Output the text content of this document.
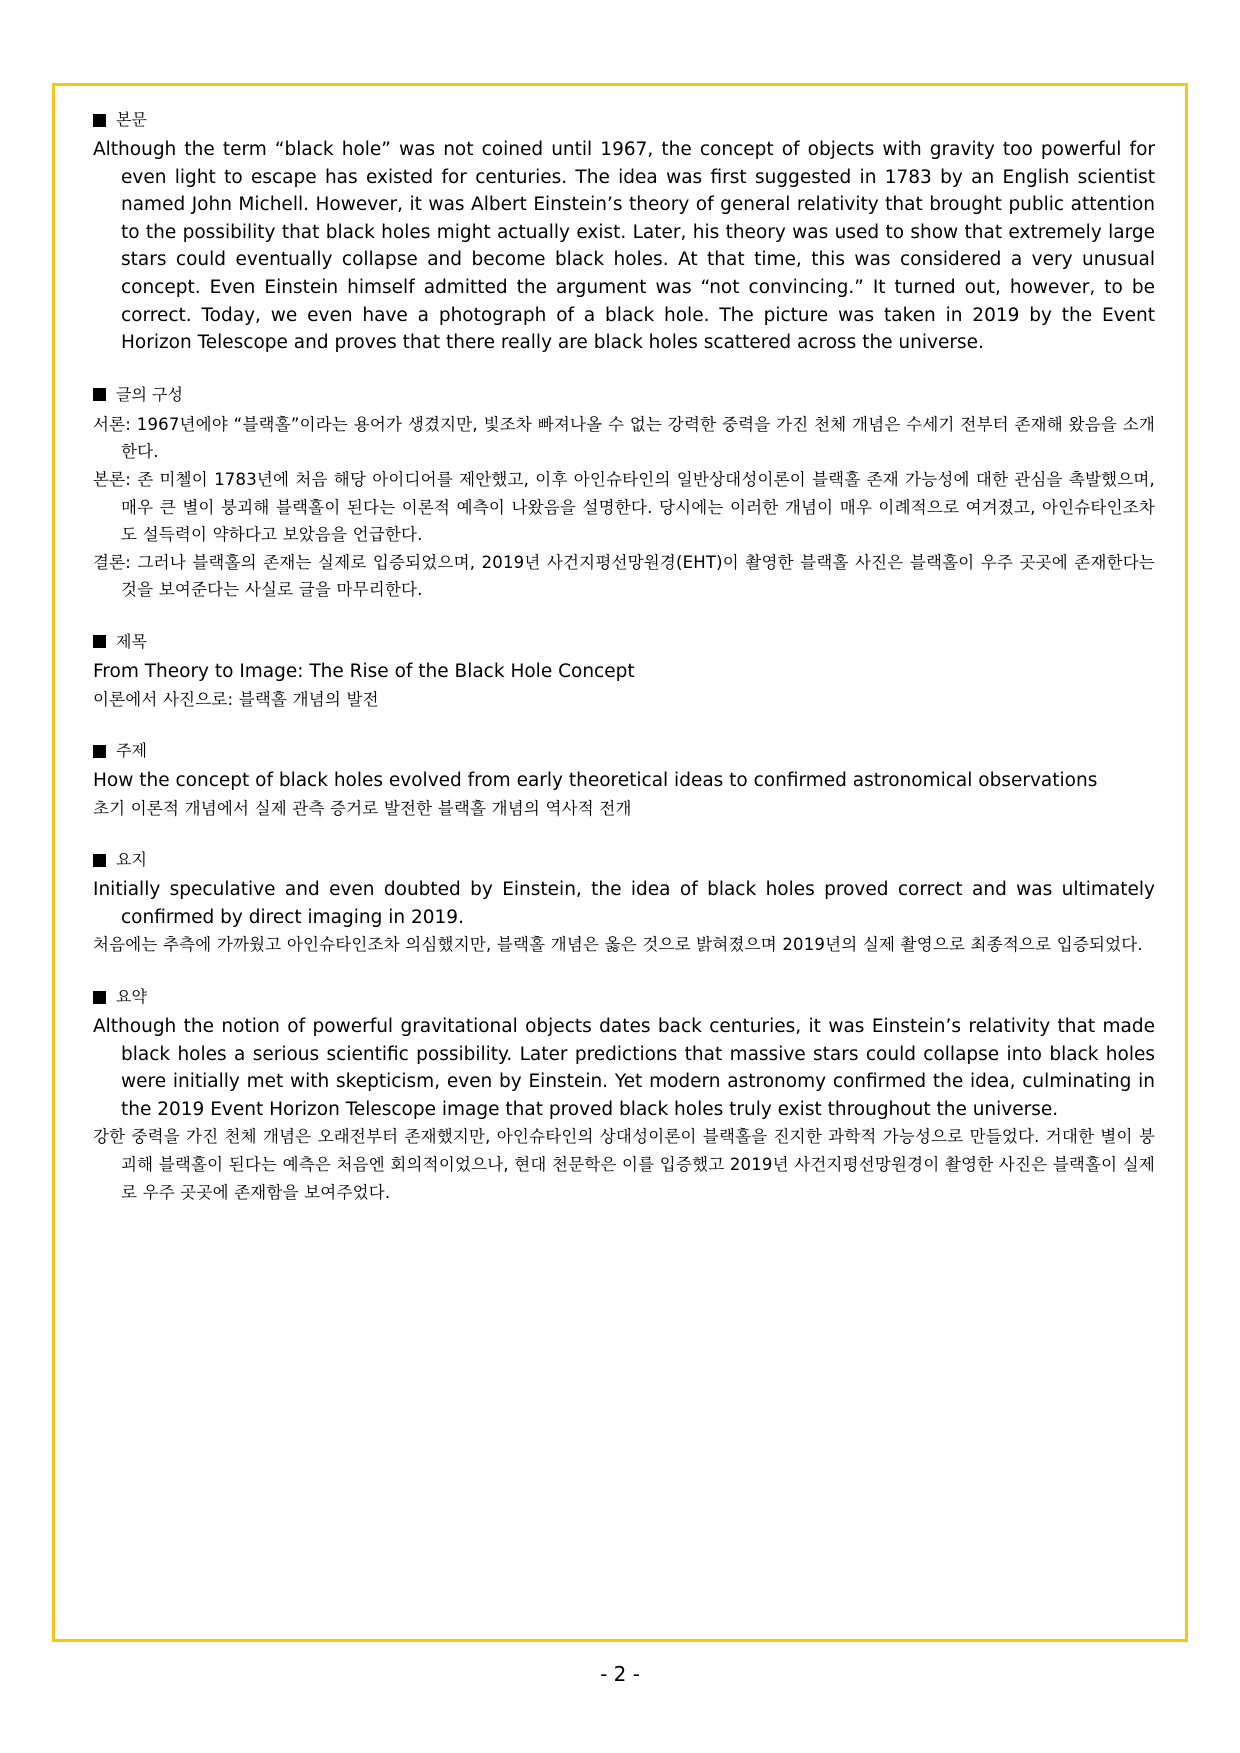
본문

Although the term “black hole” was not coined until 1967, the concept of objects with gravity too powerful for even light to escape has existed for centuries. The idea was first suggested in 1783 by an English scientist named John Michell. However, it was Albert Einstein’s theory of general relativity that brought public attention to the possibility that black holes might actually exist. Later, his theory was used to show that extremely large stars could eventually collapse and become black holes. At that time, this was considered a very unusual concept. Even Einstein himself admitted the argument was “not convincing.” It turned out, however, to be correct. Today, we even have a photograph of a black hole. The picture was taken in 2019 by the Event Horizon Telescope and proves that there really are black holes scattered across the universe.

글의 구성

서론: 1967년에야 “블랙홀”이라는 용어가 생겼지만, 빛조차 빠져나올 수 없는 강력한 중력을 가진 천체 개념은 수세기 전부터 존재해 왔음을 소개한다.

본론: 존 미첼이 1783년에 처음 해당 아이디어를 제안했고, 이후 아인슈타인의 일반상대성이론이 블랙홀 존재 가능성에 대한 관심을 촉발했으며, 매우 큰 별이 붕괴해 블랙홀이 된다는 이론적 예측이 나왔음을 설명한다. 당시에는 이러한 개념이 매우 이례적으로 여겨졌고, 아인슈타인조차도 설득력이 약하다고 보았음을 언급한다.

결론: 그러나 블랙홀의 존재는 실제로 입증되었으며, 2019년 사건지평선망원경(EHT)이 촬영한 블랙홀 사진은 블랙홀이 우주 곳곳에 존재한다는 것을 보여준다는 사실로 글을 마무리한다.

제목

From Theory to Image: The Rise of the Black Hole Concept

이론에서 사진으로: 블랙홀 개념의 발전

주제

How the concept of black holes evolved from early theoretical ideas to confirmed astronomical observations

초기 이론적 개념에서 실제 관측 증거로 발전한 블랙홀 개념의 역사적 전개

요지

Initially speculative and even doubted by Einstein, the idea of black holes proved correct and was ultimately confirmed by direct imaging in 2019.

처음에는 추측에 가까웠고 아인슈타인조차 의심했지만, 블랙홀 개념은 옳은 것으로 밝혀졌으며 2019년의 실제 촬영으로 최종적으로 입증되었다.

요약

Although the notion of powerful gravitational objects dates back centuries, it was Einstein’s relativity that made black holes a serious scientific possibility. Later predictions that massive stars could collapse into black holes were initially met with skepticism, even by Einstein. Yet modern astronomy confirmed the idea, culminating in the 2019 Event Horizon Telescope image that proved black holes truly exist throughout the universe.

강한 중력을 가진 천체 개념은 오래전부터 존재했지만, 아인슈타인의 상대성이론이 블랙홀을 진지한 과학적 가능성으로 만들었다. 거대한 별이 붕괴해 블랙홀이 된다는 예측은 처음엔 회의적이었으나, 현대 천문학은 이를 입증했고 2019년 사건지평선망원경이 촬영한 사진은 블랙홀이 실제로 우주 곳곳에 존재함을 보여주었다.

- 2 -
